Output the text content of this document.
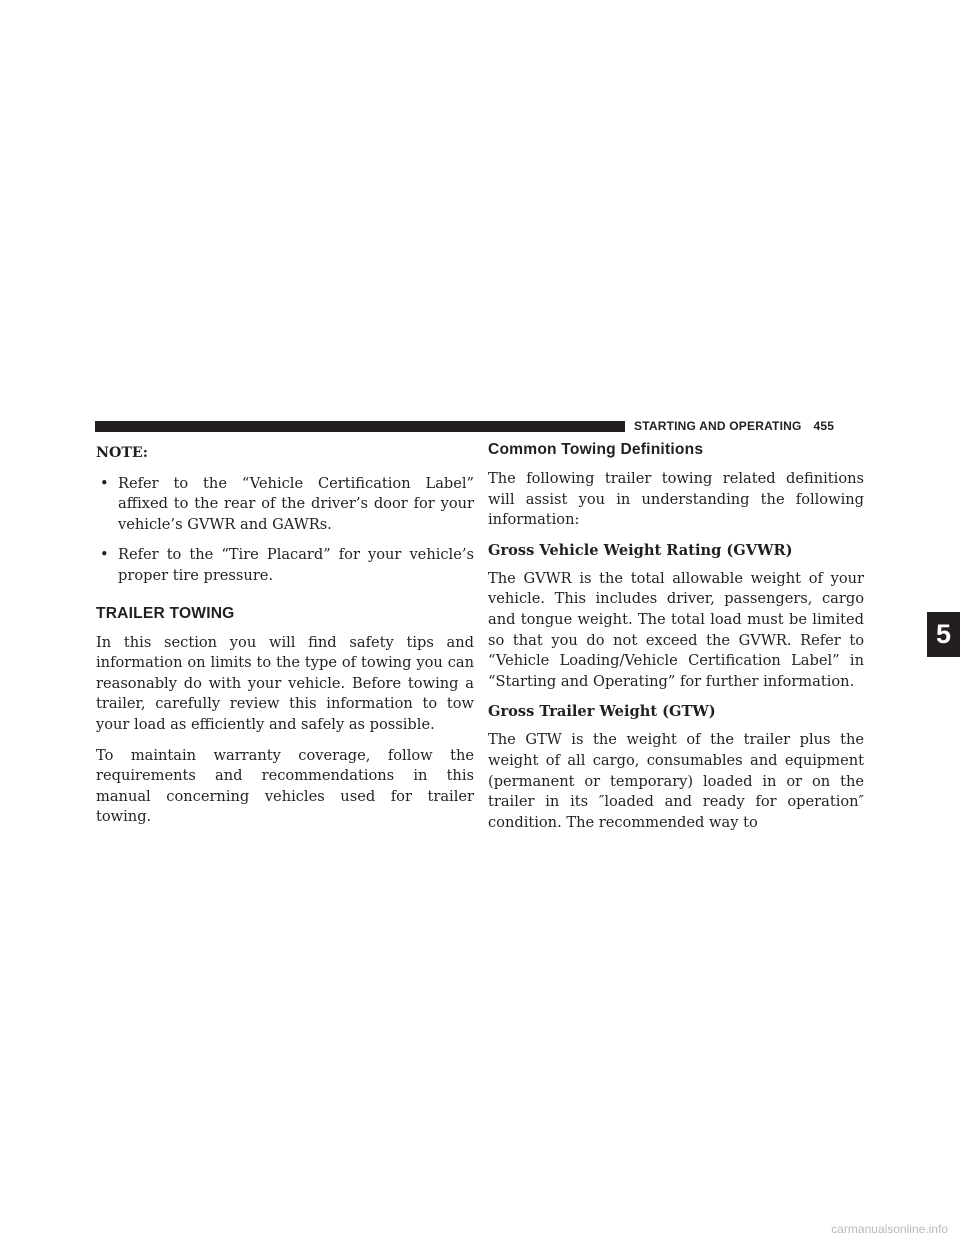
STARTING AND OPERATING 455

NOTE:

• Refer to the “Vehicle Certification Label” affixed to the rear of the driver’s door for your vehicle’s GVWR and GAWRs.

• Refer to the “Tire Placard” for your vehicle’s proper tire pressure.

TRAILER TOWING

In this section you will find safety tips and information on limits to the type of towing you can reasonably do with your vehicle. Before towing a trailer, carefully review this information to tow your load as efficiently and safely as possible.

To maintain warranty coverage, follow the requirements and recommendations in this manual concerning vehicles used for trailer towing.

Common Towing Definitions

The following trailer towing related definitions will assist you in understanding the following information:

Gross Vehicle Weight Rating (GVWR)

The GVWR is the total allowable weight of your vehicle. This includes driver, passengers, cargo and tongue weight. The total load must be limited so that you do not exceed the GVWR. Refer to “Vehicle Loading/Vehicle Certification Label” in “Starting and Operating” for further information.

Gross Trailer Weight (GTW)

The GTW is the weight of the trailer plus the weight of all cargo, consumables and equipment (permanent or temporary) loaded in or on the trailer in its ″loaded and ready for operation″ condition. The recommended way to

5
carmanualsonline.info
